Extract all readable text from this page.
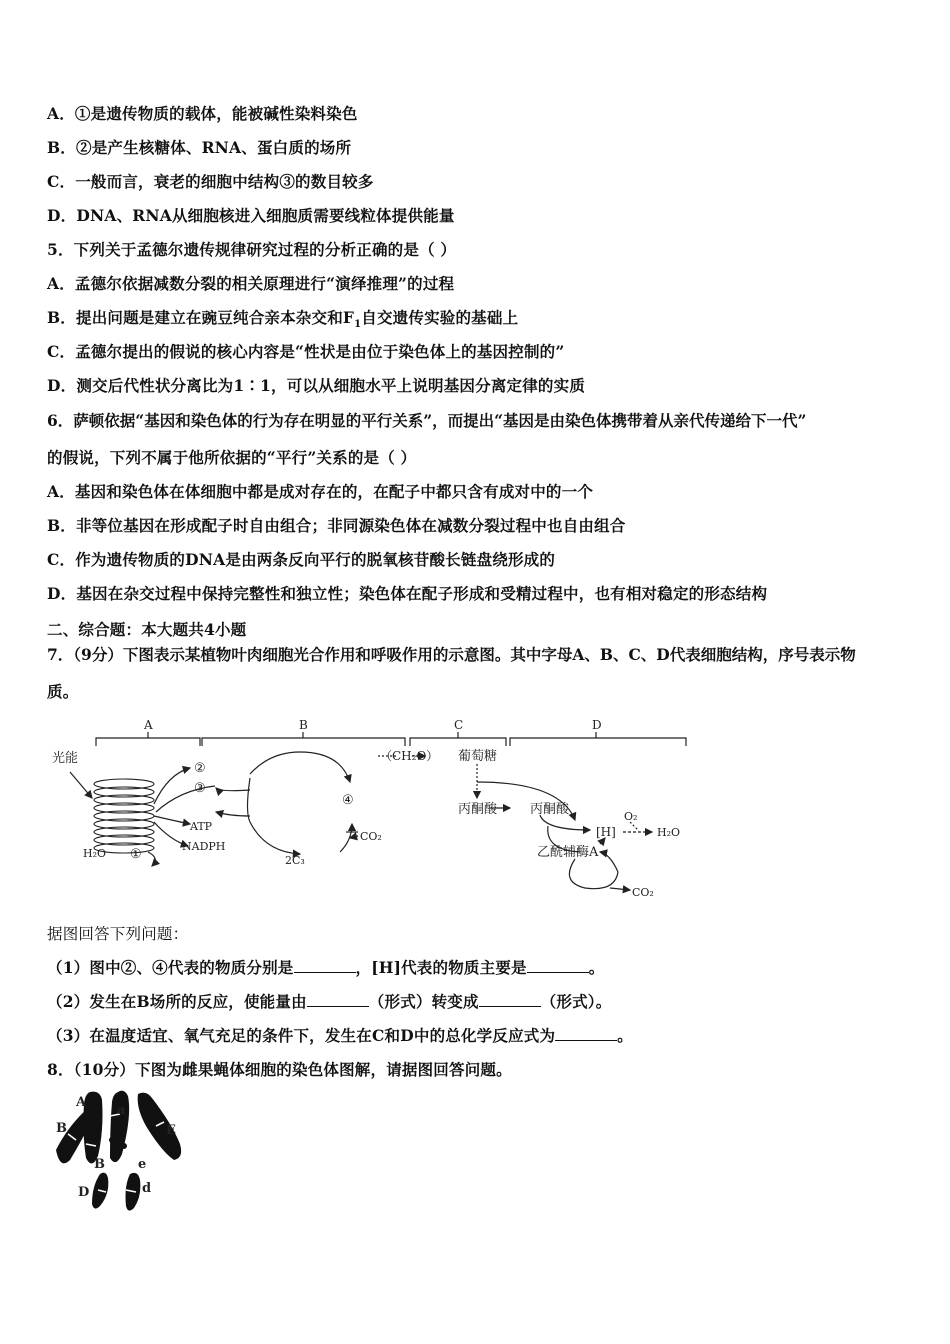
A．①是遗传物质的载体，能被碱性染料染色
B．②是产生核糖体、RNA、蛋白质的场所
C．一般而言，衰老的细胞中结构③的数目较多
D．DNA、RNA从细胞核进入细胞质需要线粒体提供能量
5．下列关于孟德尔遗传规律研究过程的分析正确的是（ ）
A．孟德尔依据减数分裂的相关原理进行“演绎推理”的过程
B．提出问题是建立在豌豆纯合亲本杂交和$F_1$自交遗传实验的基础上
C．孟德尔提出的假说的核心内容是“性状是由位于染色体上的基因控制的”
D．测交后代性状分离比为1∶1，可以从细胞水平上说明基因分离定律的实质
6．萨顿依据“基因和染色体的行为存在明显的平行关系”，而提出“基因是由染色体携带着从亲代传递给下一代”
的假说，下列不属于他所依据的“平行”关系的是（ ）
A．基因和染色体在体细胞中都是成对存在的，在配子中都只含有成对中的一个
B．非等位基因在形成配子时自由组合；非同源染色体在减数分裂过程中也自由组合
C．作为遗传物质的DNA是由两条反向平行的脱氧核苷酸长链盘绕形成的
D．基因在杂交过程中保持完整性和独立性；染色体在配子形成和受精过程中，也有相对稳定的形态结构
二、综合题：本大题共4小题
7．（9分）下图表示某植物叶肉细胞光合作用和呼吸作用的示意图。其中字母A、B、C、D代表细胞结构，序号表示物
质。
A	B	C	D
光能
②
③
ATP
NADPH
H₂O ①
④
CO₂
2C₃
（CH₂O） 葡萄糖
丙酮酸	丙酮酸	O₂
[H]	H₂O
乙酰辅酶A
CO₂
据图回答下列问题：
（1）图中②、④代表的物质分别是	，[H]代表的物质主要是	。
（2）发生在B场所的反应，使能量由	（形式）转变成	（形式）。
（3）在温度适宜、氧气充足的条件下，发生在C和D中的总化学反应式为	。
8．（10分）下图为雌果蝇体细胞的染色体图解，请据图回答问题。
A
a
B
B
E
e
D	d
